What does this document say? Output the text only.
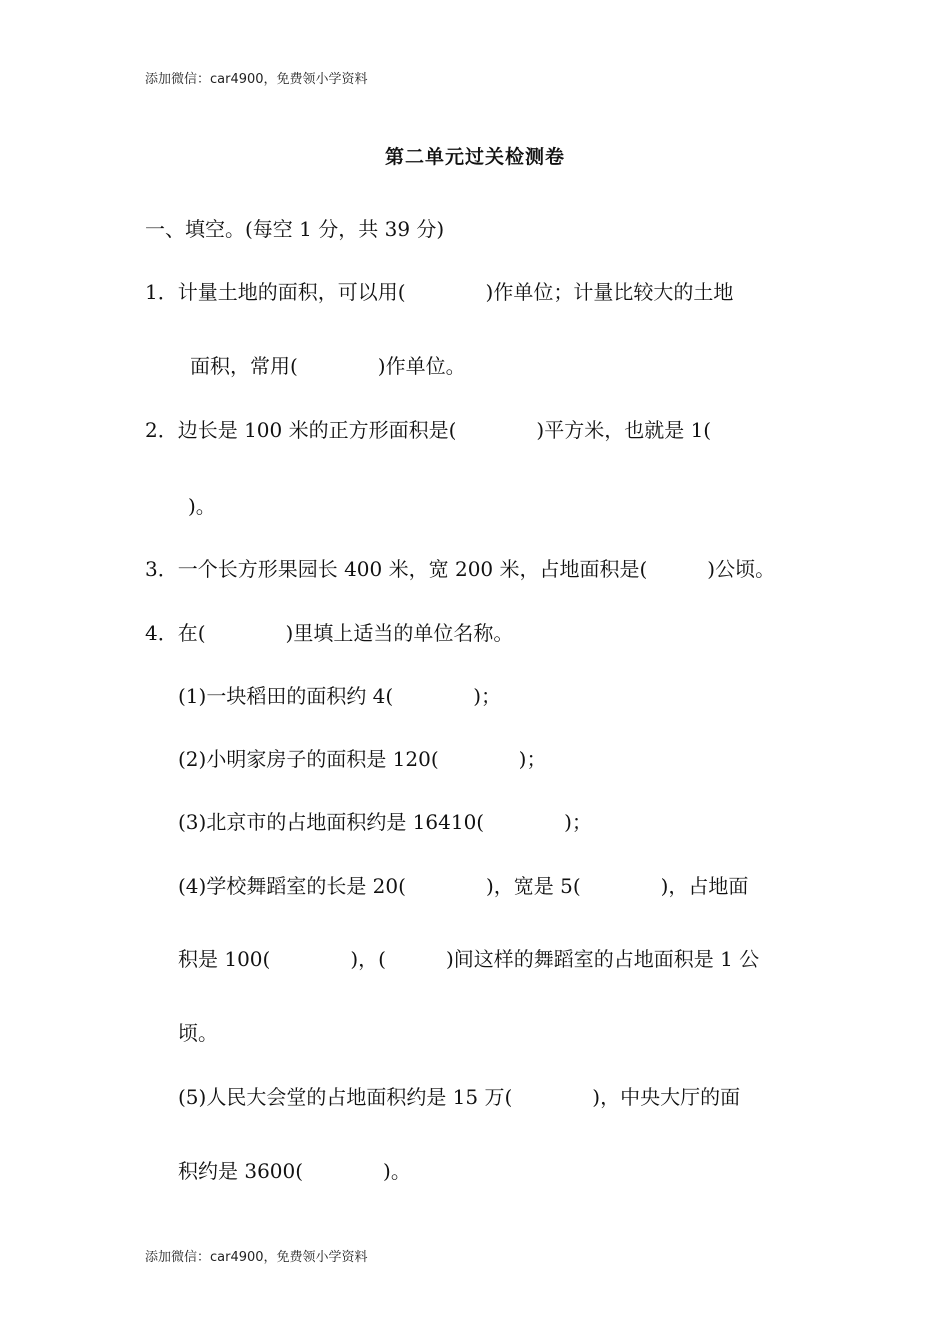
添加微信：car4900，免费领小学资料
第二单元过关检测卷
一、填空。(每空 1 分，共 39 分)
1．计量土地的面积，可以用(　　　　)作单位；计量比较大的土地
面积，常用(　　　　)作单位。
2．边长是 100 米的正方形面积是(　　　　)平方米，也就是 1(
)。
3．一个长方形果园长 400 米，宽 200 米，占地面积是(　　　)公顷。
4．在(　　　　)里填上适当的单位名称。
(1)一块稻田的面积约 4(　　　　)；
(2)小明家房子的面积是 120(　　　　)；
(3)北京市的占地面积约是 16410(　　　　)；
(4)学校舞蹈室的长是 20(　　　　)，宽是 5(　　　　)，占地面
积是 100(　　　　)，(　　　)间这样的舞蹈室的占地面积是 1 公
顷。
(5)人民大会堂的占地面积约是 15 万(　　　　)，中央大厅的面
积约是 3600(　　　　)。
添加微信：car4900，免费领小学资料
